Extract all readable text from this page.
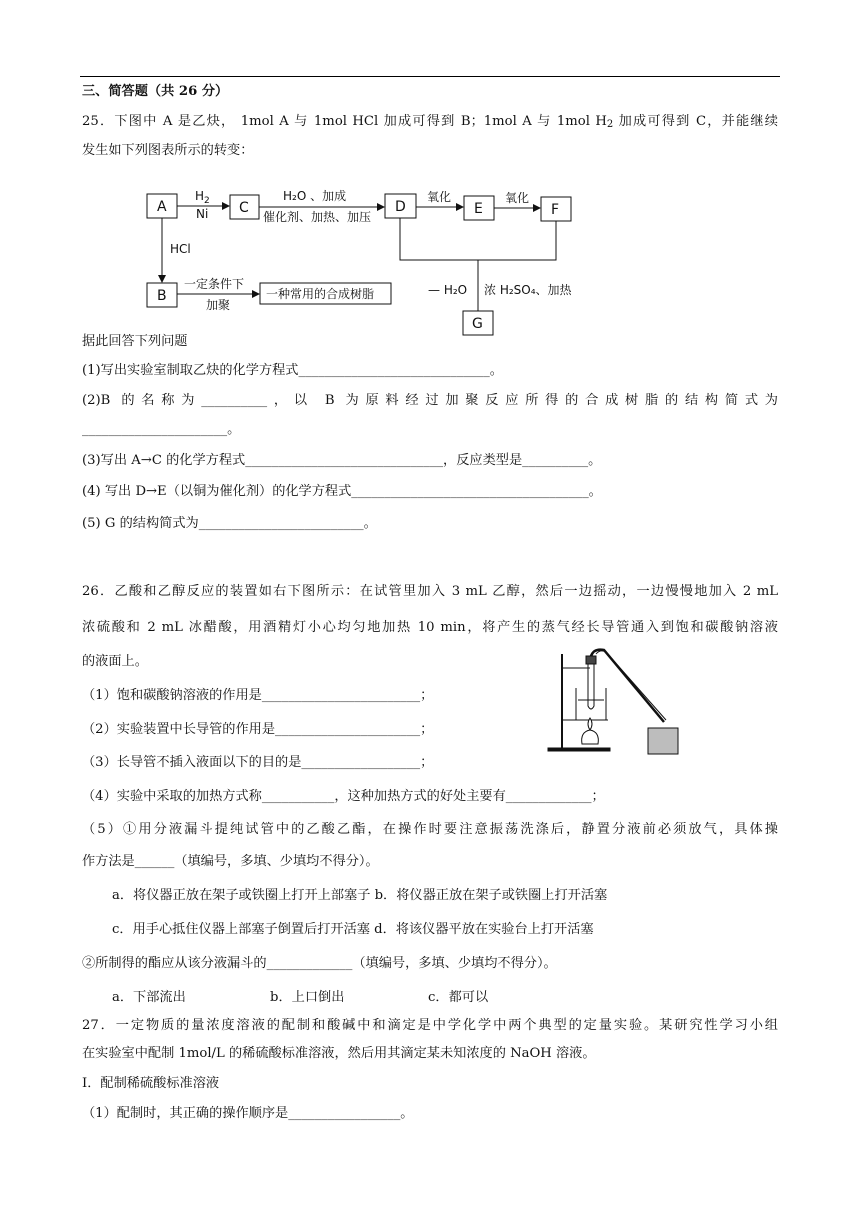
三、简答题（共 26 分）
25．下图中 A 是乙炔， 1mol A 与 1mol HCl 加成可得到 B；1mol A 与 1mol $H_2$ 加成可得到 C，并能继续
发生如下列图表所示的转变：
A	C	D	E	F
B
G
一种常用的合成树脂
$H_2$
Ni
H₂O 、加成
催化剂、加热、加压
氧化	氧化
HCl
一定条件下
加聚
— H₂O 浓 H₂SO₄、加热
据此回答下列问题
(1)写出实验室制取乙炔的化学方程式_____________________________。
(2)B 的名称为__________，以 B 为原料经过加聚反应所得的合成树脂的结构简式为
______________________。
(3)写出 A→C 的化学方程式______________________________，反应类型是__________。
(4) 写出 D→E（以铜为催化剂）的化学方程式____________________________________。
(5) G 的结构简式为_________________________。
26．乙酸和乙醇反应的装置如右下图所示：在试管里加入 3 mL 乙醇，然后一边摇动，一边慢慢地加入 2 mL
浓硫酸和 2 mL 冰醋酸，用酒精灯小心均匀地加热 10 min，将产生的蒸气经长导管通入到饱和碳酸钠溶液
的液面上。
（1）饱和碳酸钠溶液的作用是________________________；
（2）实验装置中长导管的作用是______________________；
（3）长导管不插入液面以下的目的是__________________；
（4）实验中采取的加热方式称___________，这种加热方式的好处主要有_____________；
（5）①用分液漏斗提纯试管中的乙酸乙酯，在操作时要注意振荡洗涤后，静置分液前必须放气，具体操
作方法是______（填编号，多填、少填均不得分）。
a．将仪器正放在架子或铁圈上打开上部塞子 b．将仪器正放在架子或铁圈上打开活塞
c．用手心抵住仪器上部塞子倒置后打开活塞 d．将该仪器平放在实验台上打开活塞
②所制得的酯应从该分液漏斗的_____________（填编号，多填、少填均不得分）。
a．下部流出	b．上口倒出	c．都可以
27．一定物质的量浓度溶液的配制和酸碱中和滴定是中学化学中两个典型的定量实验。某研究性学习小组
在实验室中配制 1mol/L 的稀硫酸标准溶液，然后用其滴定某未知浓度的 NaOH 溶液。
I．配制稀硫酸标准溶液
（1）配制时，其正确的操作顺序是_________________。
